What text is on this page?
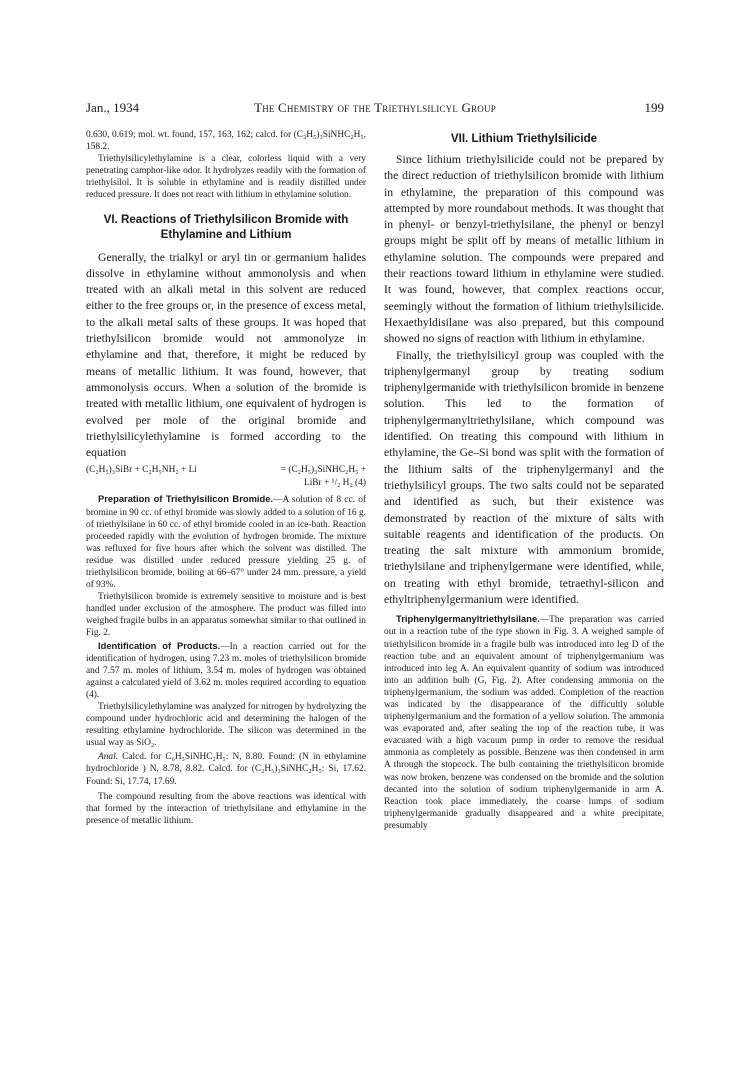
Jan., 1934	The Chemistry of the Triethylsilicyl Group	199

0.630, 0.619; mol. wt. found, 157, 163, 162; calcd. for (C₂H₅)₃SiNHC₂H₅, 158.2.

Triethylsilicylethylamine is a clear, colorless liquid with a very penetrating camphor-like odor. It hydrolyzes readily with the formation of triethylsilol. It is soluble in ethylamine and is readily distilled under reduced pressure. It does not react with lithium in ethylamine solution.

VI. Reactions of Triethylsilicon Bromide with Ethylamine and Lithium

Generally, the trialkyl or aryl tin or germanium halides dissolve in ethylamine without ammonolysis and when treated with an alkali metal in this solvent are reduced either to the free groups or, in the presence of excess metal, to the alkali metal salts of these groups. It was hoped that triethylsilicon bromide would not ammonolyze in ethylamine and that, therefore, it might be reduced by means of metallic lithium. It was found, however, that ammonolysis occurs. When a solution of the bromide is treated with metallic lithium, one equivalent of hydrogen is evolved per mole of the original bromide and triethylsilicylethylamine is formed according to the equation

(C₂H₅)₃SiBr + C₂H₅NH₂ + Li	= (C₂H₅)₃SiNHC₂H₅ +
LiBr + ¹/₂ H₂ (4)

Preparation of Triethylsilicon Bromide.—A solution of 8 cc. of bromine in 90 cc. of ethyl bromide was slowly added to a solution of 16 g. of triethylsilane in 60 cc. of ethyl bromide cooled in an ice-bath. Reaction proceeded rapidly with the evolution of hydrogen bromide. The mixture was refluxed for five hours after which the solvent was distilled. The residue was distilled under reduced pressure yielding 25 g. of triethylsilicon bromide, boiling at 66–67° under 24 mm. pressure, a yield of 93%.

Triethylsilicon bromide is extremely sensitive to moisture and is best handled under exclusion of the atmosphere. The product was filled into weighed fragile bulbs in an apparatus somewhat similar to that outlined in Fig. 2.

Identification of Products.—In a reaction carried out for the identification of hydrogen, using 7.23 m. moles of triethylsilicon bromide and 7.57 m. moles of lithium, 3.54 m. moles of hydrogen was obtained against a calculated yield of 3.62 m. moles required according to equation (4).

Triethylsilicylethylamine was analyzed for nitrogen by hydrolyzing the compound under hydrochloric acid and determining the halogen of the resulting ethylamine hydrochloride. The silicon was determined in the usual way as SiO₂.

Anal. Calcd. for C₆H₅SiNHC₂H₅: N, 8.80. Found: (N in ethylamine hydrochloride ) N, 8.78, 8.82. Calcd. for (C₂H₅)₃SiNHC₂H₅: Si, 17.62. Found: Si, 17.74, 17.69.

The compound resulting from the above reactions was identical with that formed by the interaction of triethylsilane and ethylamine in the presence of metallic lithium.

VII. Lithium Triethylsilicide

Since lithium triethylsilicide could not be prepared by the direct reduction of triethylsilicon bromide with lithium in ethylamine, the preparation of this compound was attempted by more roundabout methods. It was thought that in phenyl- or benzyl-triethylsilane, the phenyl or benzyl groups might be split off by means of metallic lithium in ethylamine solution. The compounds were prepared and their reactions toward lithium in ethylamine were studied. It was found, however, that complex reactions occur, seemingly without the formation of lithium triethylsilicide. Hexaethyldisilane was also prepared, but this compound showed no signs of reaction with lithium in ethylamine.

Finally, the triethylsilicyl group was coupled with the triphenylgermanyl group by treating sodium triphenylgermanide with triethylsilicon bromide in benzene solution. This led to the formation of triphenylgermanyltriethylsilane, which compound was identified. On treating this compound with lithium in ethylamine, the Ge–Si bond was split with the formation of the lithium salts of the triphenylgermanyl and the triethylsilicyl groups. The two salts could not be separated and identified as such, but their existence was demonstrated by reaction of the mixture of salts with suitable reagents and identification of the products. On treating the salt mixture with ammonium bromide, triethylsilane and triphenylgermane were identified, while, on treating with ethyl bromide, tetraethyl-silicon and ethyltriphenylgermanium were identified.

Triphenylgermanyltriethylsilane.—The preparation was carried out in a reaction tube of the type shown in Fig. 3. A weighed sample of triethylsilicon bromide in a fragile bulb was introduced into leg D of the reaction tube and an equivalent amount of triphenylgermanium was introduced into leg A. An equivalent quantity of sodium was introduced into an addition bulb (G, Fig. 2). After condensing ammonia on the triphenylgermanium, the sodium was added. Completion of the reaction was indicated by the disappearance of the difficultly soluble triphenylgermanium and the formation of a yellow solution. The ammonia was evaporated and, after sealing the top of the reaction tube, it was evacuated with a high vacuum pump in order to remove the residual ammonia as completely as possible. Benzene was then condensed in arm A through the stopcock. The bulb containing the triethylsilicon bromide was now broken, benzene was condensed on the bromide and the solution decanted into the solution of sodium triphenylgermanide in arm A. Reaction took place immediately, the coarse lumps of sodium triphenylgermanide gradually disappeared and a white precipitate, presumably
